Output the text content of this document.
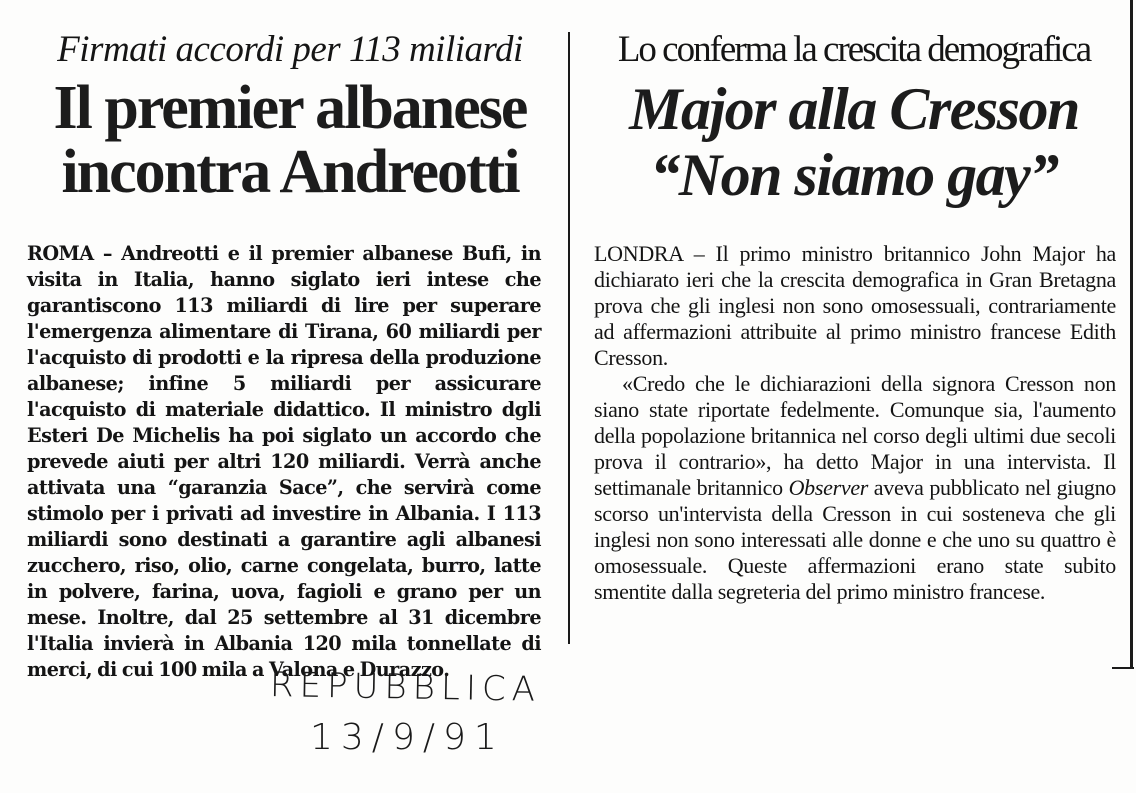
Firmati accordi per 113 miliardi

Il premier albanese
incontra Andreotti

ROMA – Andreotti e il premier albanese Bufi, in visita in Italia, hanno siglato ieri intese che garantiscono 113 miliardi di lire per superare l'emergenza alimentare di Tirana, 60 miliardi per l'acquisto di prodotti e la ripresa della produzione albanese; infine 5 miliardi per assicurare l'acquisto di materiale didattico. Il ministro dgli Esteri De Michelis ha poi siglato un accordo che prevede aiuti per altri 120 miliardi. Verrà anche attivata una “garanzia Sace”, che servirà come stimolo per i privati ad investire in Albania. I 113 miliardi sono destinati a garantire agli albanesi zucchero, riso, olio, carne congelata, burro, latte in polvere, farina, uova, fagioli e grano per un mese. Inoltre, dal 25 settembre al 31 dicembre l'Italia invierà in Albania 120 mila tonnellate di merci, di cui 100 mila a Valona e Durazzo.

Lo conferma la crescita demografica

Major alla Cresson
“Non siamo gay”

LONDRA – Il primo ministro britannico John Major ha dichiarato ieri che la crescita demografica in Gran Bretagna prova che gli inglesi non sono omosessuali, contrariamente ad affermazioni attribuite al primo ministro francese Edith Cresson.

«Credo che le dichiarazioni della signora Cresson non siano state riportate fedelmente. Comunque sia, l'aumento della popolazione britannica nel corso degli ultimi due secoli prova il contrario», ha detto Major in una intervista. Il settimanale britannico Observer aveva pubblicato nel giugno scorso un'intervista della Cresson in cui sosteneva che gli inglesi non sono interessati alle donne e che uno su quattro è omosessuale. Queste affermazioni erano state subito smentite dalla segreteria del primo ministro francese.

REPUBBLICA
13/9/91
